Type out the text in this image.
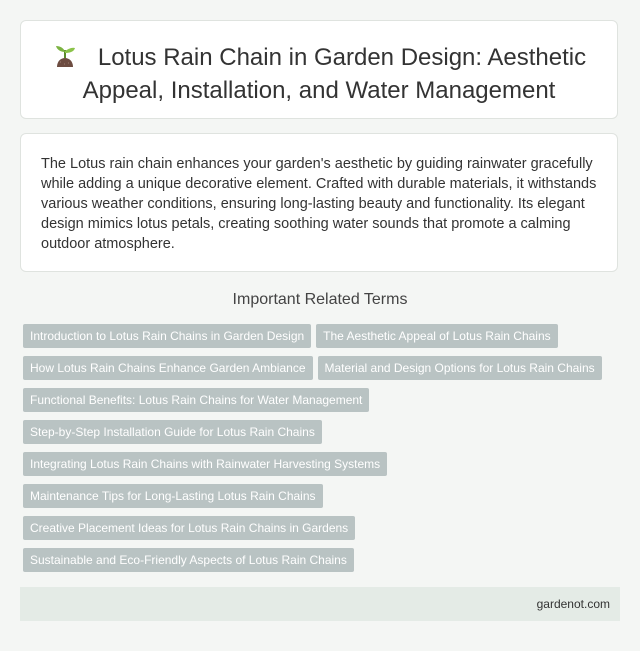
Lotus Rain Chain in Garden Design: Aesthetic Appeal, Installation, and Water Management

The Lotus rain chain enhances your garden's aesthetic by guiding rainwater gracefully while adding a unique decorative element. Crafted with durable materials, it withstands various weather conditions, ensuring long-lasting beauty and functionality. Its elegant design mimics lotus petals, creating soothing water sounds that promote a calming outdoor atmosphere.

Important Related Terms
Introduction to Lotus Rain Chains in Garden Design The Aesthetic Appeal of Lotus Rain Chains
How Lotus Rain Chains Enhance Garden Ambiance Material and Design Options for Lotus Rain Chains
Functional Benefits: Lotus Rain Chains for Water Management
Step-by-Step Installation Guide for Lotus Rain Chains
Integrating Lotus Rain Chains with Rainwater Harvesting Systems
Maintenance Tips for Long-Lasting Lotus Rain Chains
Creative Placement Ideas for Lotus Rain Chains in Gardens
Sustainable and Eco-Friendly Aspects of Lotus Rain Chains
gardenot.com
